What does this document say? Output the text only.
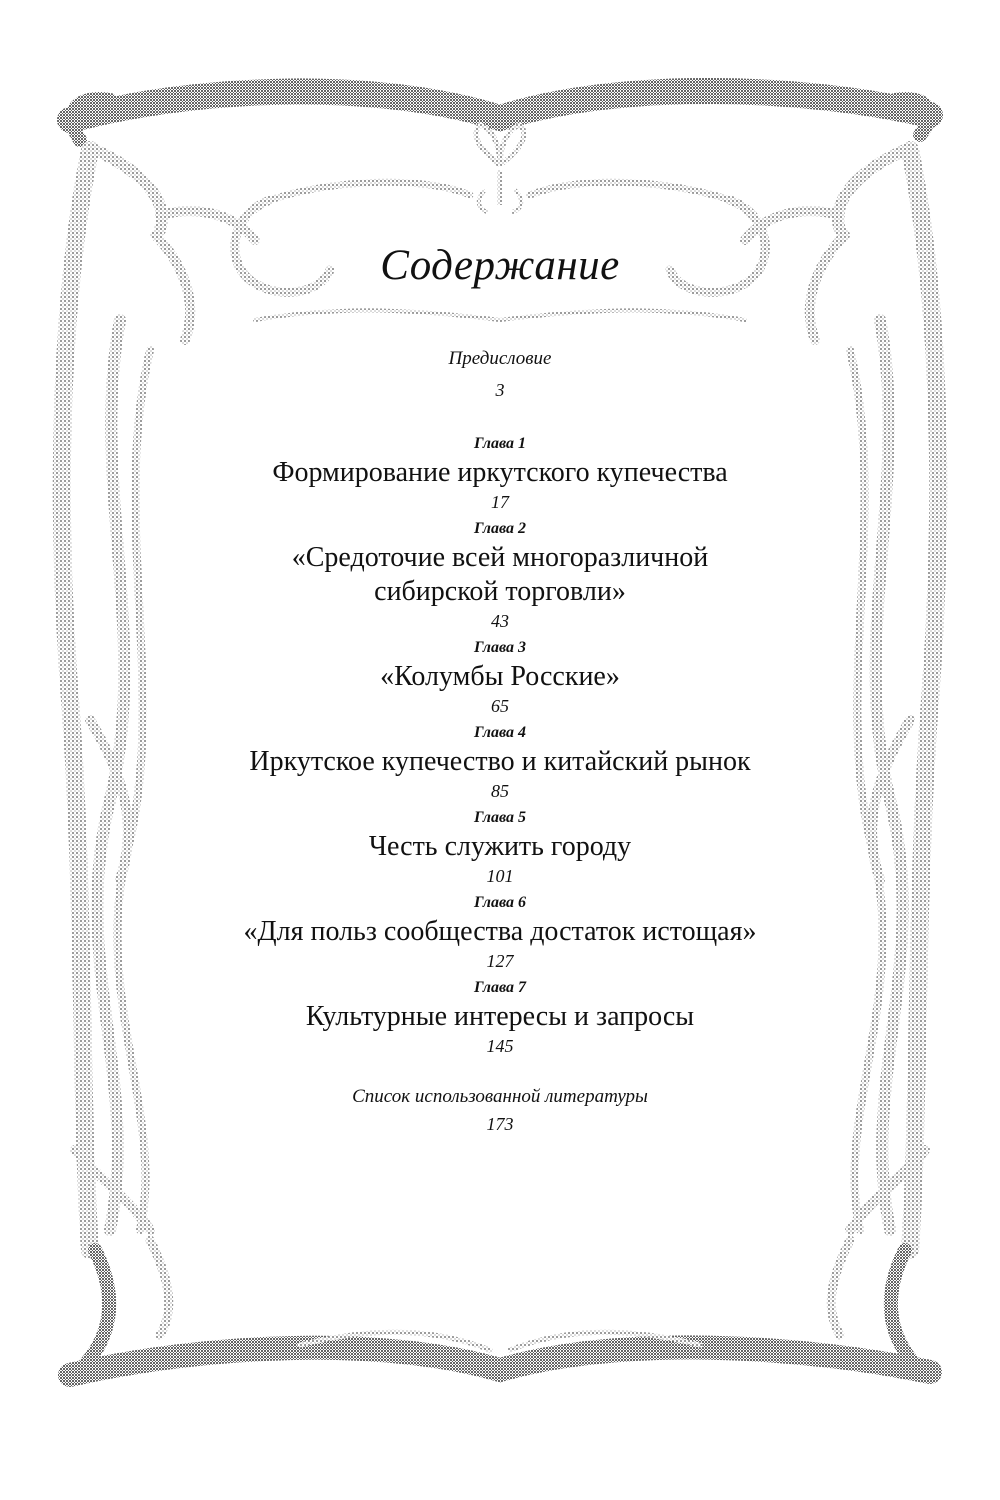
Содержание
Предисловие
3
Глава 1
Формирование иркутского купечества
17
Глава 2
«Средоточие всей многоразличной
сибирской торговли»
43
Глава 3
«Колумбы Росские»
65
Глава 4
Иркутское купечество и китайский рынок
85
Глава 5
Честь служить городу
101
Глава 6
«Для польз сообщества достаток истощая»
127
Глава 7
Культурные интересы и запросы
145
Список использованной литературы
173
